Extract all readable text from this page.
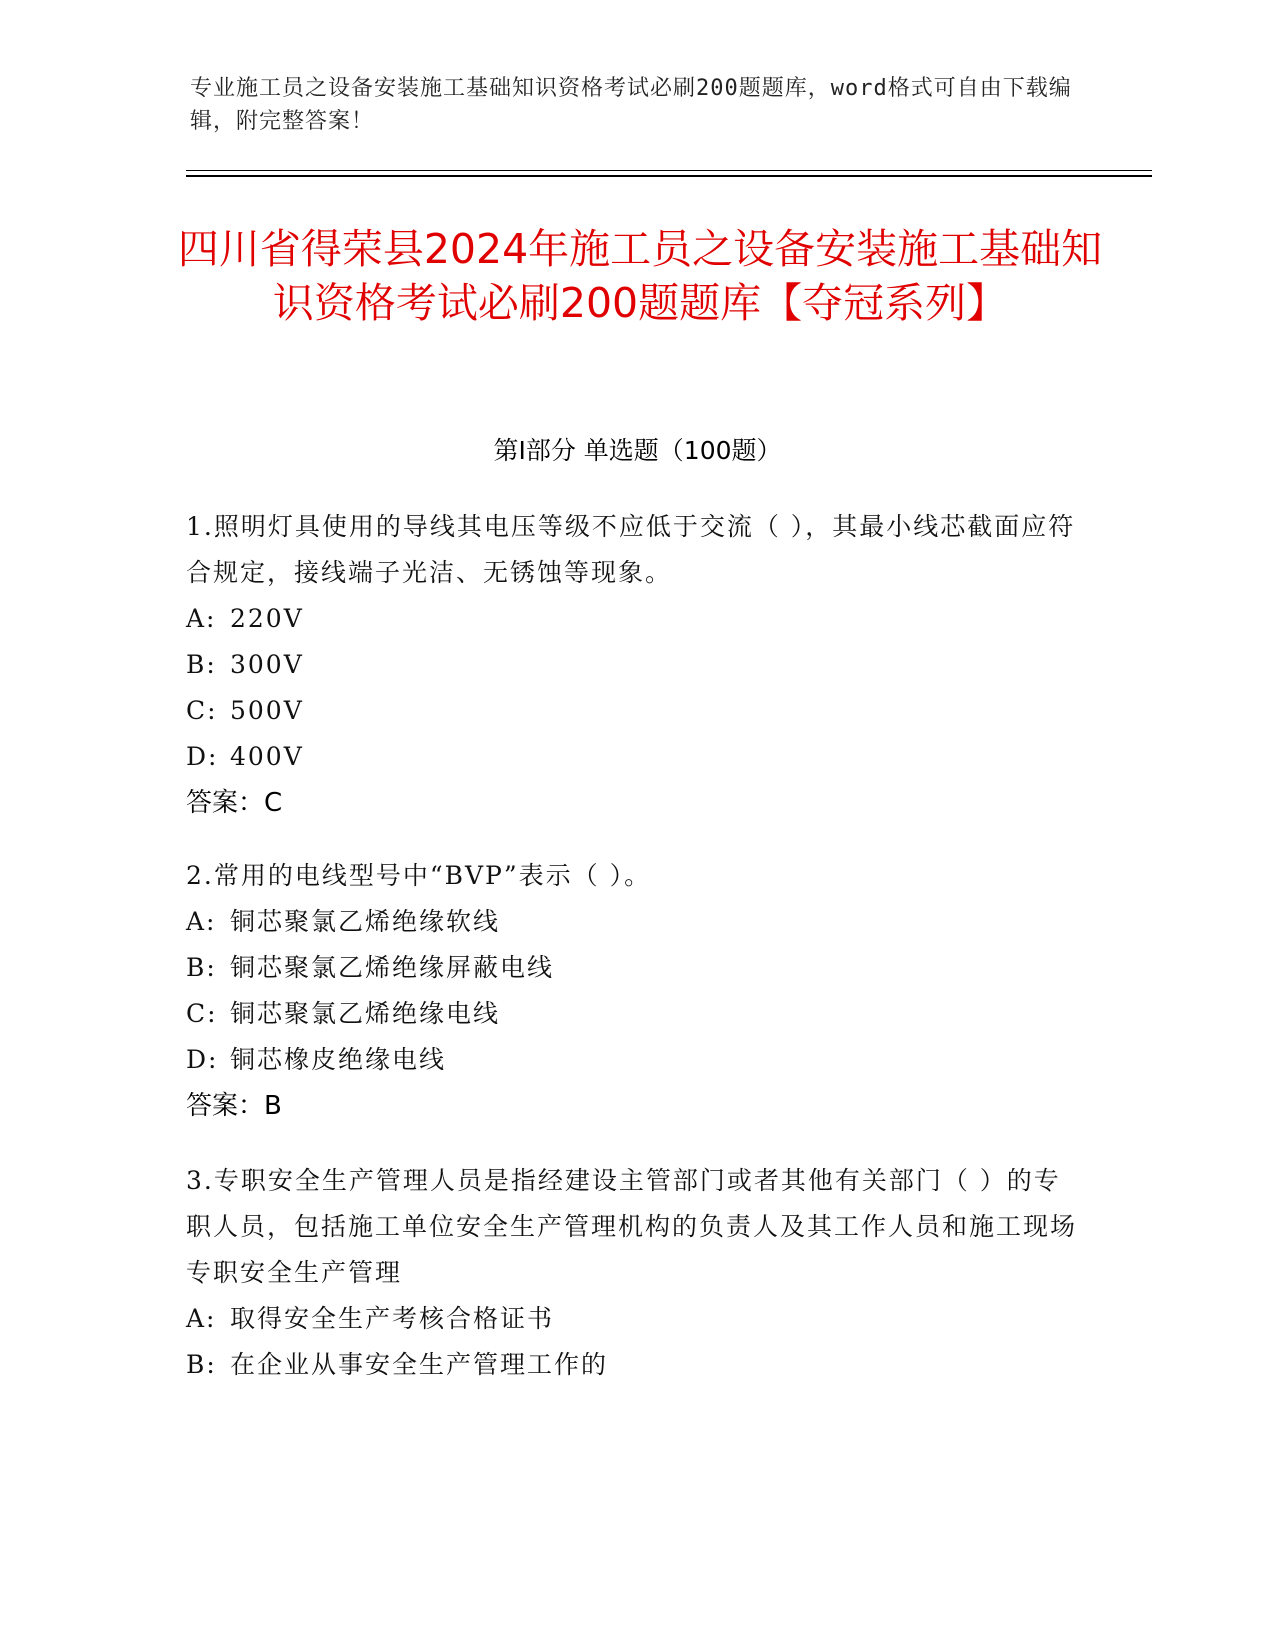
专业施工员之设备安装施工基础知识资格考试必刷200题题库，word格式可自由下载编辑，附完整答案！
四川省得荣县2024年施工员之设备安装施工基础知识资格考试必刷200题题库【夺冠系列】
第I部分 单选题（100题）

1.照明灯具使用的导线其电压等级不应低于交流（ ），其最小线芯截面应符合规定，接线端子光洁、无锈蚀等现象。

A: 220V

B: 300V

C: 500V

D: 400V

答案：C

2.常用的电线型号中“BVP”表示（ ）。

A: 铜芯聚氯乙烯绝缘软线

B: 铜芯聚氯乙烯绝缘屏蔽电线

C: 铜芯聚氯乙烯绝缘电线

D: 铜芯橡皮绝缘电线

答案：B

3.专职安全生产管理人员是指经建设主管部门或者其他有关部门（ ）的专职人员，包括施工单位安全生产管理机构的负责人及其工作人员和施工现场专职安全生产管理

A: 取得安全生产考核合格证书

B: 在企业从事安全生产管理工作的
